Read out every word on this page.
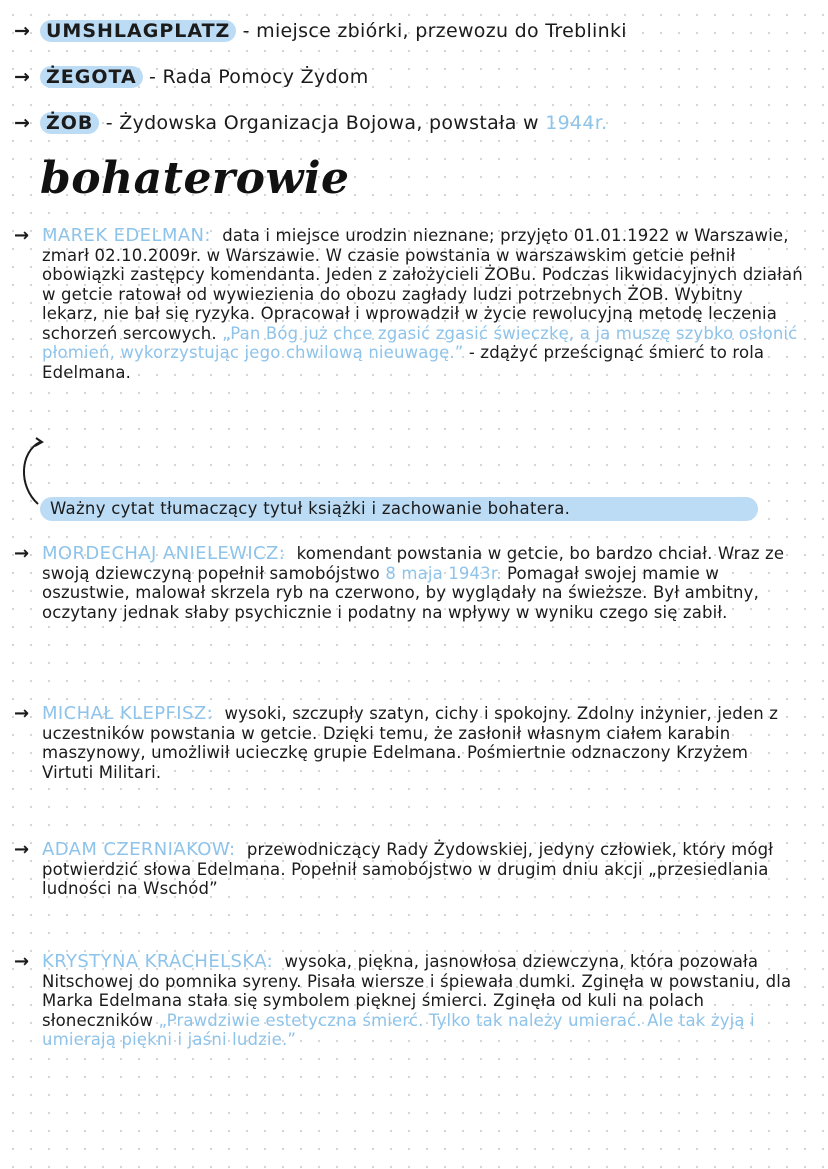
→ UMSHLAGPLATZ - miejsce zbiórki, przewozu do Treblinki
→ ŻEGOTA - Rada Pomocy Żydom
→ ŻOB - Żydowska Organizacja Bojowa, powstała w 1944r.
bohaterowie
→ MAREK EDELMAN: data i miejsce urodzin nieznane; przyjęto 01.01.1922 w Warszawie, zmarł 02.10.2009r. w Warszawie. W czasie powstania w warszawskim getcie pełnił obowiązki zastępcy komendanta. Jeden z założycieli ŻOBu. Podczas likwidacyjnych działań w getcie ratował od wywiezienia do obozu zagłady ludzi potrzebnych ŻOB. Wybitny lekarz, nie bał się ryzyka. Opracował i wprowadził w życie rewolucyjną metodę leczenia schorzeń sercowych. „Pan Bóg już chce zgasić zgasić świeczkę, a ja muszę szybko osłonić płomień, wykorzystując jego chwilową nieuwagę.” - zdążyć prześcignąć śmierć to rola Edelmana.
Ważny cytat tłumaczący tytuł książki i zachowanie bohatera.
→ MORDECHAJ ANIELEWICZ: komendant powstania w getcie, bo bardzo chciał. Wraz ze swoją dziewczyną popełnił samobójstwo 8 maja 1943r. Pomagał swojej mamie w oszustwie, malował skrzela ryb na czerwono, by wyglądały na świeższe. Był ambitny, oczytany jednak słaby psychicznie i podatny na wpływy w wyniku czego się zabił.
→ MICHAŁ KLEPFISZ: wysoki, szczupły szatyn, cichy i spokojny. Zdolny inżynier, jeden z uczestników powstania w getcie. Dzięki temu, że zasłonił własnym ciałem karabin maszynowy, umożliwił ucieczkę grupie Edelmana. Pośmiertnie odznaczony Krzyżem Virtuti Militari.
→ ADAM CZERNIAKOW: przewodniczący Rady Żydowskiej, jedyny człowiek, który mógł potwierdzić słowa Edelmana. Popełnił samobójstwo w drugim dniu akcji „przesiedlania ludności na Wschód”
→ KRYSTYNA KRACHELSKA: wysoka, piękna, jasnowłosa dziewczyna, która pozowała Nitschowej do pomnika syreny. Pisała wiersze i śpiewała dumki. Zginęła w powstaniu, dla Marka Edelmana stała się symbolem pięknej śmierci. Zginęła od kuli na polach słoneczników „Prawdziwie estetyczna śmierć. Tylko tak należy umierać. Ale tak żyją i umierają piękni i jaśni ludzie.”
